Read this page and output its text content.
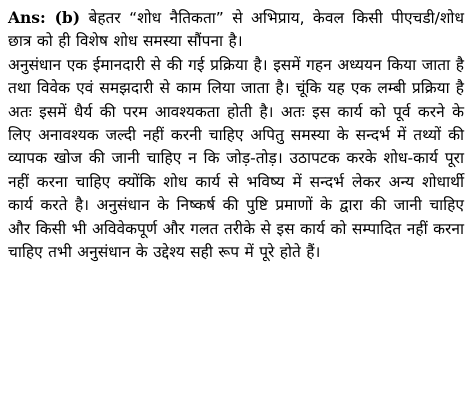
Ans: (b) बेहतर “शोध नैतिकता” से अभिप्राय, केवल किसी पीएचडी/शोध छात्र को ही विशेष शोध समस्या सौंपना है।

अनुसंधान एक ईमानदारी से की गई प्रक्रिया है। इसमें गहन अध्ययन किया जाता है तथा विवेक एवं समझदारी से काम लिया जाता है। चूंकि यह एक लम्बी प्रक्रिया है अतः इसमें धैर्य की परम आवश्यकता होती है। अतः इस कार्य को पूर्व करने के लिए अनावश्यक जल्दी नहीं करनी चाहिए अपितु समस्या के सन्दर्भ में तथ्यों की व्यापक खोज की जानी चाहिए न कि जोड़-तोड़। उठापटक करके शोध-कार्य पूरा नहीं करना चाहिए क्योंकि शोध कार्य से भविष्य में सन्दर्भ लेकर अन्य शोधार्थी कार्य करते है। अनुसंधान के निष्कर्ष की पुष्टि प्रमाणों के द्वारा की जानी चाहिए और किसी भी अविवेकपूर्ण और गलत तरीके से इस कार्य को सम्पादित नहीं करना चाहिए तभी अनुसंधान के उद्देश्य सही रूप में पूरे होते हैं।
